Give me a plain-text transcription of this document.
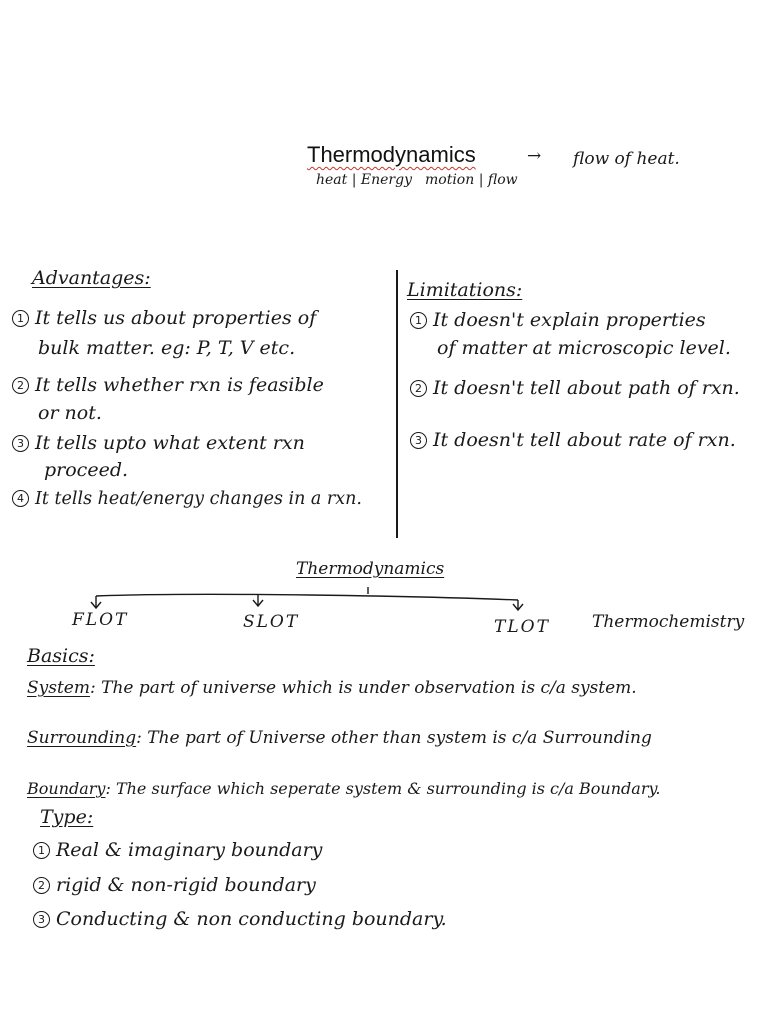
Thermodynamics	→ flow of heat.
heat | Energy motion | flow
Advantages:
1 It tells us about properties of
bulk matter. eg: P, T, V etc.
2 It tells whether rxn is feasible
or not.
3 It tells upto what extent rxn
proceed.
4 It tells heat/energy changes in a rxn.
Limitations:
1 It doesn't explain properties
of matter at microscopic level.
2 It doesn't tell about path of rxn.
3 It doesn't tell about rate of rxn.
Thermodynamics
FLOT	SLOT	TLOT Thermochemistry
Basics:
System: The part of universe which is under observation is c/a system.
Surrounding: The part of Universe other than system is c/a Surrounding
Boundary: The surface which seperate system & surrounding is c/a Boundary.
Type:
1 Real & imaginary boundary
2 rigid & non-rigid boundary
3 Conducting & non conducting boundary.
